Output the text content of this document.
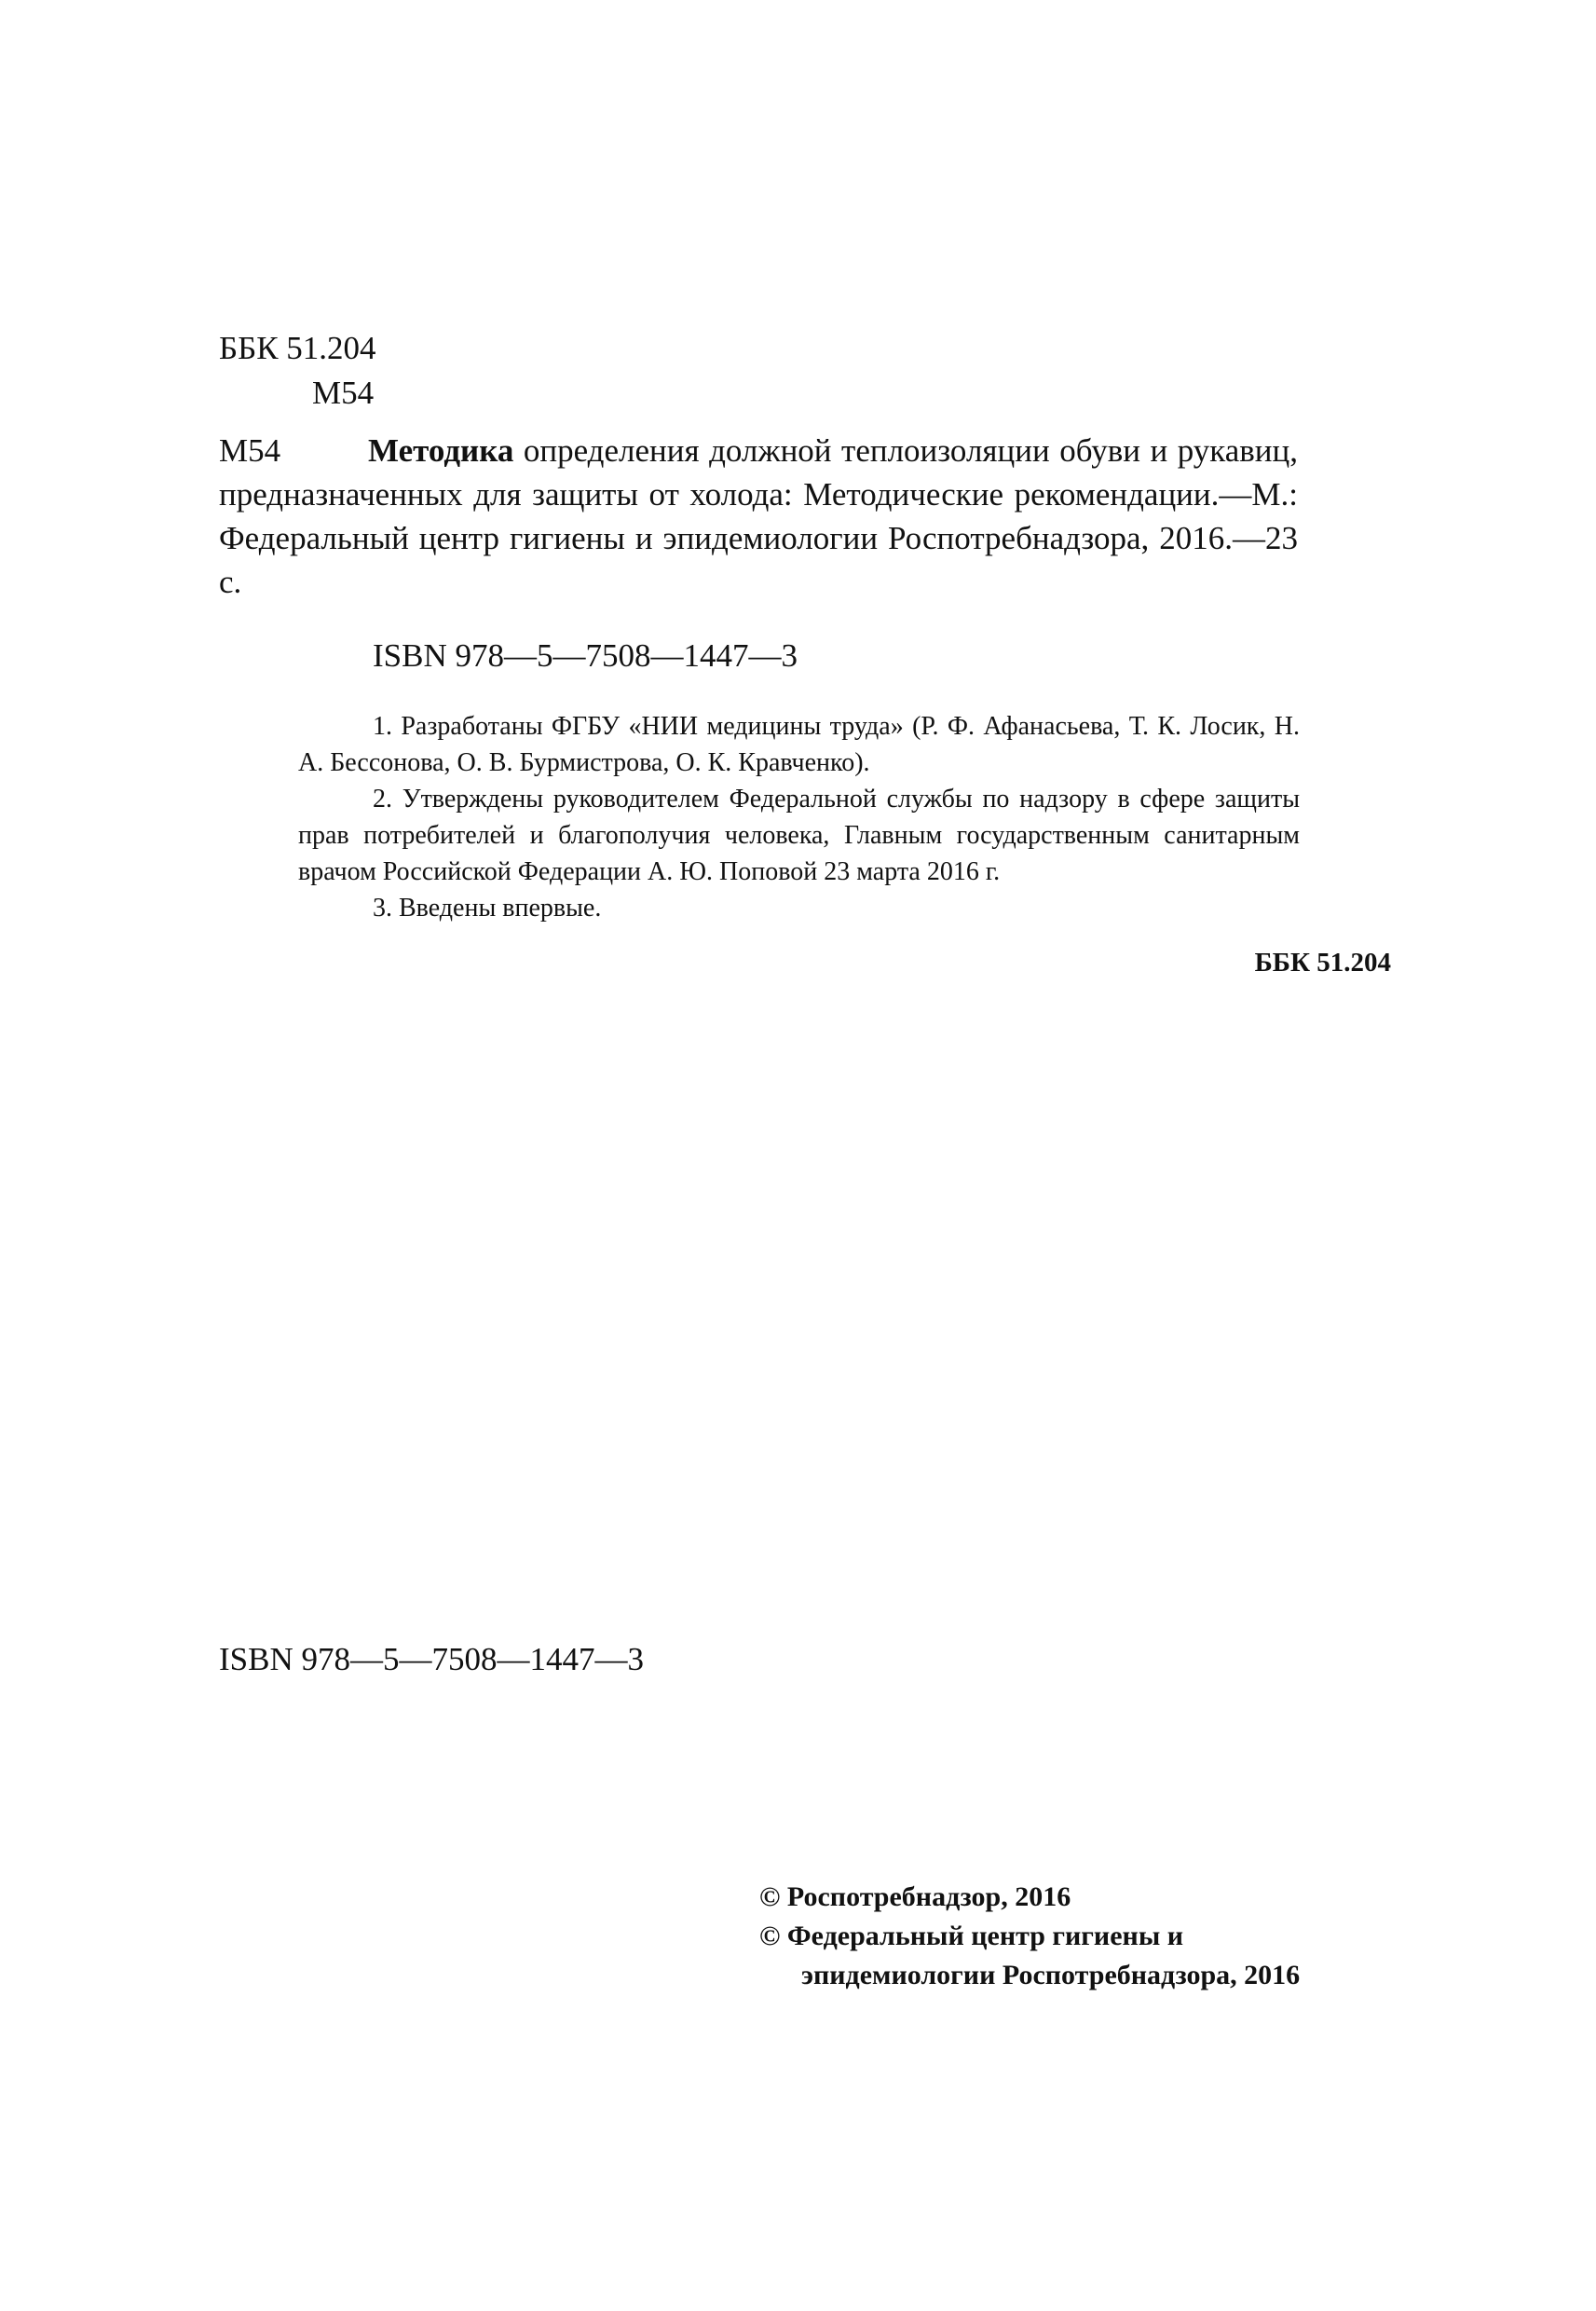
ББК 51.204
М54
М54	Методика определения должной теплоизоляции обуви и рукавиц, предназначенных для защиты от холода: Методические рекомендации.—М.: Федеральный центр гигиены и эпидемиологии Роспотребнадзора, 2016.—23 с.
ISBN 978—5—7508—1447—3

1. Разработаны ФГБУ «НИИ медицины труда» (Р. Ф. Афанасьева, Т. К. Лосик, Н. А. Бессонова, О. В. Бурмистрова, О. К. Кравченко).

2. Утверждены руководителем Федеральной службы по надзору в сфере защиты прав потребителей и благополучия человека, Главным государственным санитарным врачом Российской Федерации А. Ю. Поповой 23 марта 2016 г.

3. Введены впервые.

ББК 51.204
ISBN 978—5—7508—1447—3
© Роспотребнадзор, 2016
© Федеральный центр гигиены и
эпидемиологии Роспотребнадзора, 2016
